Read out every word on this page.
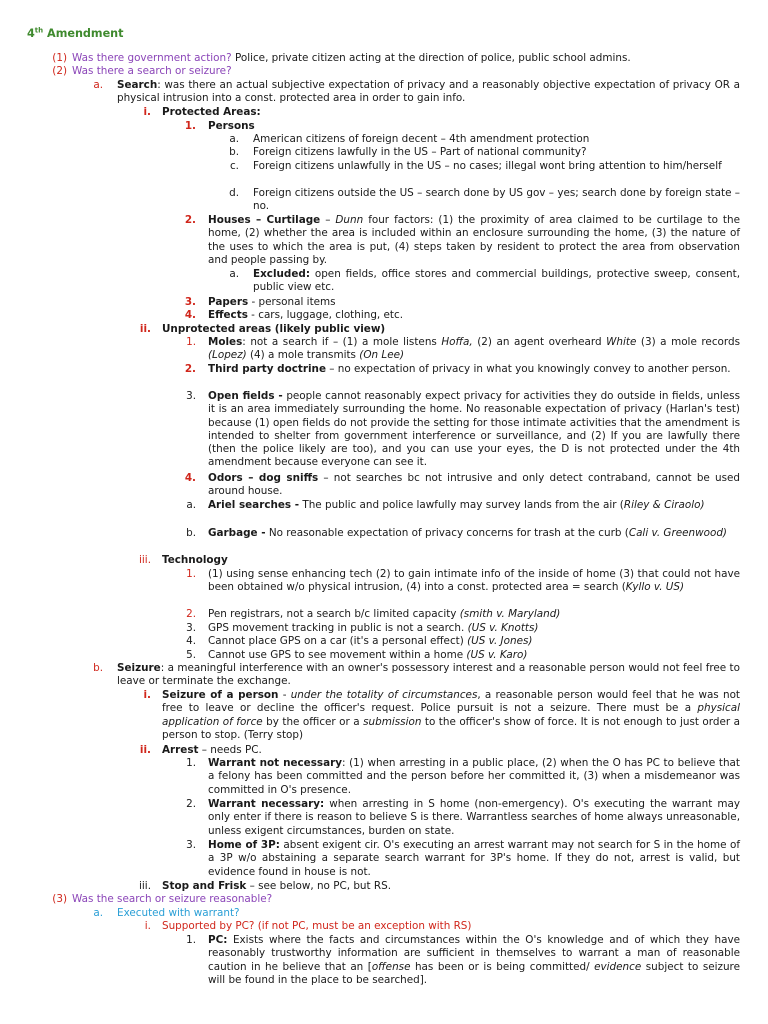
4th Amendment
(1) Was there government action? Police, private citizen acting at the direction of police, public school admins.
(2) Was there a search or seizure?
a. Search: was there an actual subjective expectation of privacy and a reasonably objective expectation of privacy OR a physical intrusion into a const. protected area in order to gain info.
i. Protected Areas:
1. Persons
a. American citizens of foreign decent – 4th amendment protection
b. Foreign citizens lawfully in the US – Part of national community?
c. Foreign citizens unlawfully in the US – no cases; illegal wont bring attention to him/herself
d. Foreign citizens outside the US – search done by US gov – yes; search done by foreign state – no.
2. Houses – Curtilage – Dunn four factors: (1) the proximity of area claimed to be curtilage to the home, (2) whether the area is included within an enclosure surrounding the home, (3) the nature of the uses to which the area is put, (4) steps taken by resident to protect the area from observation and people passing by.
a. Excluded: open fields, office stores and commercial buildings, protective sweep, consent, public view etc.
3. Papers - personal items
4. Effects - cars, luggage, clothing, etc.
ii. Unprotected areas (likely public view)
1. Moles: not a search if – (1) a mole listens Hoffa, (2) an agent overheard White (3) a mole records (Lopez) (4) a mole transmits (On Lee)
2. Third party doctrine – no expectation of privacy in what you knowingly convey to another person.
3. Open fields - people cannot reasonably expect privacy for activities they do outside in fields, unless it is an area immediately surrounding the home. No reasonable expectation of privacy (Harlan's test) because (1) open fields do not provide the setting for those intimate activities that the amendment is intended to shelter from government interference or surveillance, and (2) If you are lawfully there (then the police likely are too), and you can use your eyes, the D is not protected under the 4th amendment because everyone can see it.
4. Odors – dog sniffs – not searches bc not intrusive and only detect contraband, cannot be used around house.
a. Ariel searches - The public and police lawfully may survey lands from the air (Riley & Ciraolo)
b. Garbage - No reasonable expectation of privacy concerns for trash at the curb (Cali v. Greenwood)
iii. Technology
1. (1) using sense enhancing tech (2) to gain intimate info of the inside of home (3) that could not have been obtained w/o physical intrusion, (4) into a const. protected area = search (Kyllo v. US)
2. Pen registrars, not a search b/c limited capacity (smith v. Maryland)
3. GPS movement tracking in public is not a search. (US v. Knotts)
4. Cannot place GPS on a car (it's a personal effect) (US v. Jones)
5. Cannot use GPS to see movement within a home (US v. Karo)
b. Seizure: a meaningful interference with an owner's possessory interest and a reasonable person would not feel free to leave or terminate the exchange.
i. Seizure of a person - under the totality of circumstances, a reasonable person would feel that he was not free to leave or decline the officer's request. Police pursuit is not a seizure. There must be a physical application of force by the officer or a submission to the officer's show of force. It is not enough to just order a person to stop. (Terry stop)
ii. Arrest – needs PC.
1. Warrant not necessary: (1) when arresting in a public place, (2) when the O has PC to believe that a felony has been committed and the person before her committed it, (3) when a misdemeanor was committed in O's presence.
2. Warrant necessary: when arresting in S home (non-emergency). O's executing the warrant may only enter if there is reason to believe S is there. Warrantless searches of home always unreasonable, unless exigent circumstances, burden on state.
3. Home of 3P: absent exigent cir. O's executing an arrest warrant may not search for S in the home of a 3P w/o abstaining a separate search warrant for 3P's home. If they do not, arrest is valid, but evidence found in house is not.
iii. Stop and Frisk – see below, no PC, but RS.
(3) Was the search or seizure reasonable?
a. Executed with warrant?
i. Supported by PC? (if not PC, must be an exception with RS)
1. PC: Exists where the facts and circumstances within the O's knowledge and of which they have reasonably trustworthy information are sufficient in themselves to warrant a man of reasonable caution in he believe that an [offense has been or is being committed/ evidence subject to seizure will be found in the place to be searched].
